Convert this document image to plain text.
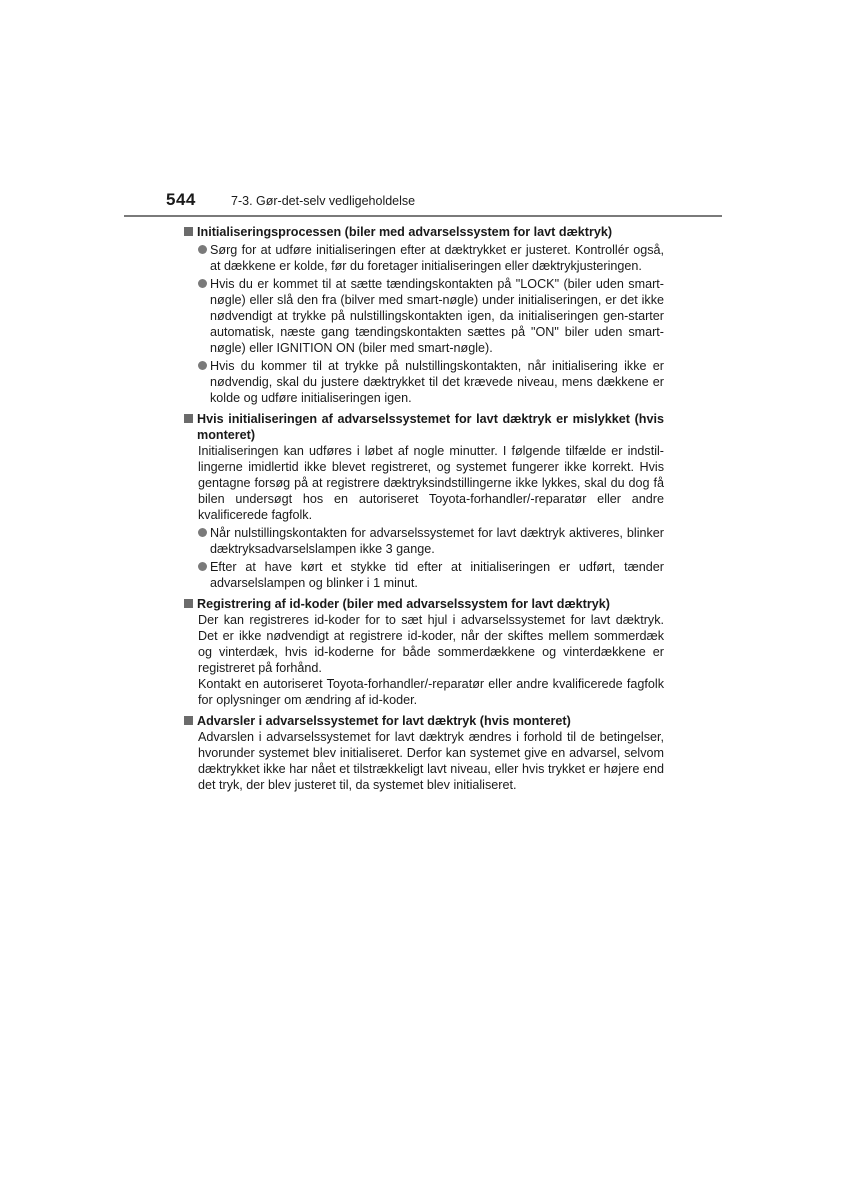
544	7-3. Gør-det-selv vedligeholdelse
Initialiseringsprocessen (biler med advarselssystem for lavt dæktryk)
Sørg for at udføre initialiseringen efter at dæktrykket er justeret. Kontrollér også, at dækkene er kolde, før du foretager initialiseringen eller dæktrykjusteringen.
Hvis du er kommet til at sætte tændingskontakten på "LOCK" (biler uden smart-nøgle) eller slå den fra (bilver med smart-nøgle) under initialiseringen, er det ikke nødvendigt at trykke på nulstillingskontakten igen, da initialiseringen gen-starter automatisk, næste gang tændingskontakten sættes på "ON" biler uden smart-nøgle) eller IGNITION ON (biler med smart-nøgle).
Hvis du kommer til at trykke på nulstillingskontakten, når initialisering ikke er nødvendig, skal du justere dæktrykket til det krævede niveau, mens dækkene er kolde og udføre initialiseringen igen.
Hvis initialiseringen af advarselssystemet for lavt dæktryk er mislykket (hvis monteret)
Initialiseringen kan udføres i løbet af nogle minutter. I følgende tilfælde er indstil-lingerne imidlertid ikke blevet registreret, og systemet fungerer ikke korrekt. Hvis gentagne forsøg på at registrere dæktryksindstillingerne ikke lykkes, skal du dog få bilen undersøgt hos en autoriseret Toyota-forhandler/-reparatør eller andre kvalificerede fagfolk.
Når nulstillingskontakten for advarselssystemet for lavt dæktryk aktiveres, blinker dæktryksadvarselslampen ikke 3 gange.
Efter at have kørt et stykke tid efter at initialiseringen er udført, tænder advarselslampen og blinker i 1 minut.
Registrering af id-koder (biler med advarselssystem for lavt dæktryk)
Der kan registreres id-koder for to sæt hjul i advarselssystemet for lavt dæktryk. Det er ikke nødvendigt at registrere id-koder, når der skiftes mellem sommerdæk og vinterdæk, hvis id-koderne for både sommerdækkene og vinterdækkene er registreret på forhånd.
Kontakt en autoriseret Toyota-forhandler/-reparatør eller andre kvalificerede fagfolk for oplysninger om ændring af id-koder.
Advarsler i advarselssystemet for lavt dæktryk (hvis monteret)
Advarslen i advarselssystemet for lavt dæktryk ændres i forhold til de betingelser, hvorunder systemet blev initialiseret. Derfor kan systemet give en advarsel, selvom dæktrykket ikke har nået et tilstrækkeligt lavt niveau, eller hvis trykket er højere end det tryk, der blev justeret til, da systemet blev initialiseret.
